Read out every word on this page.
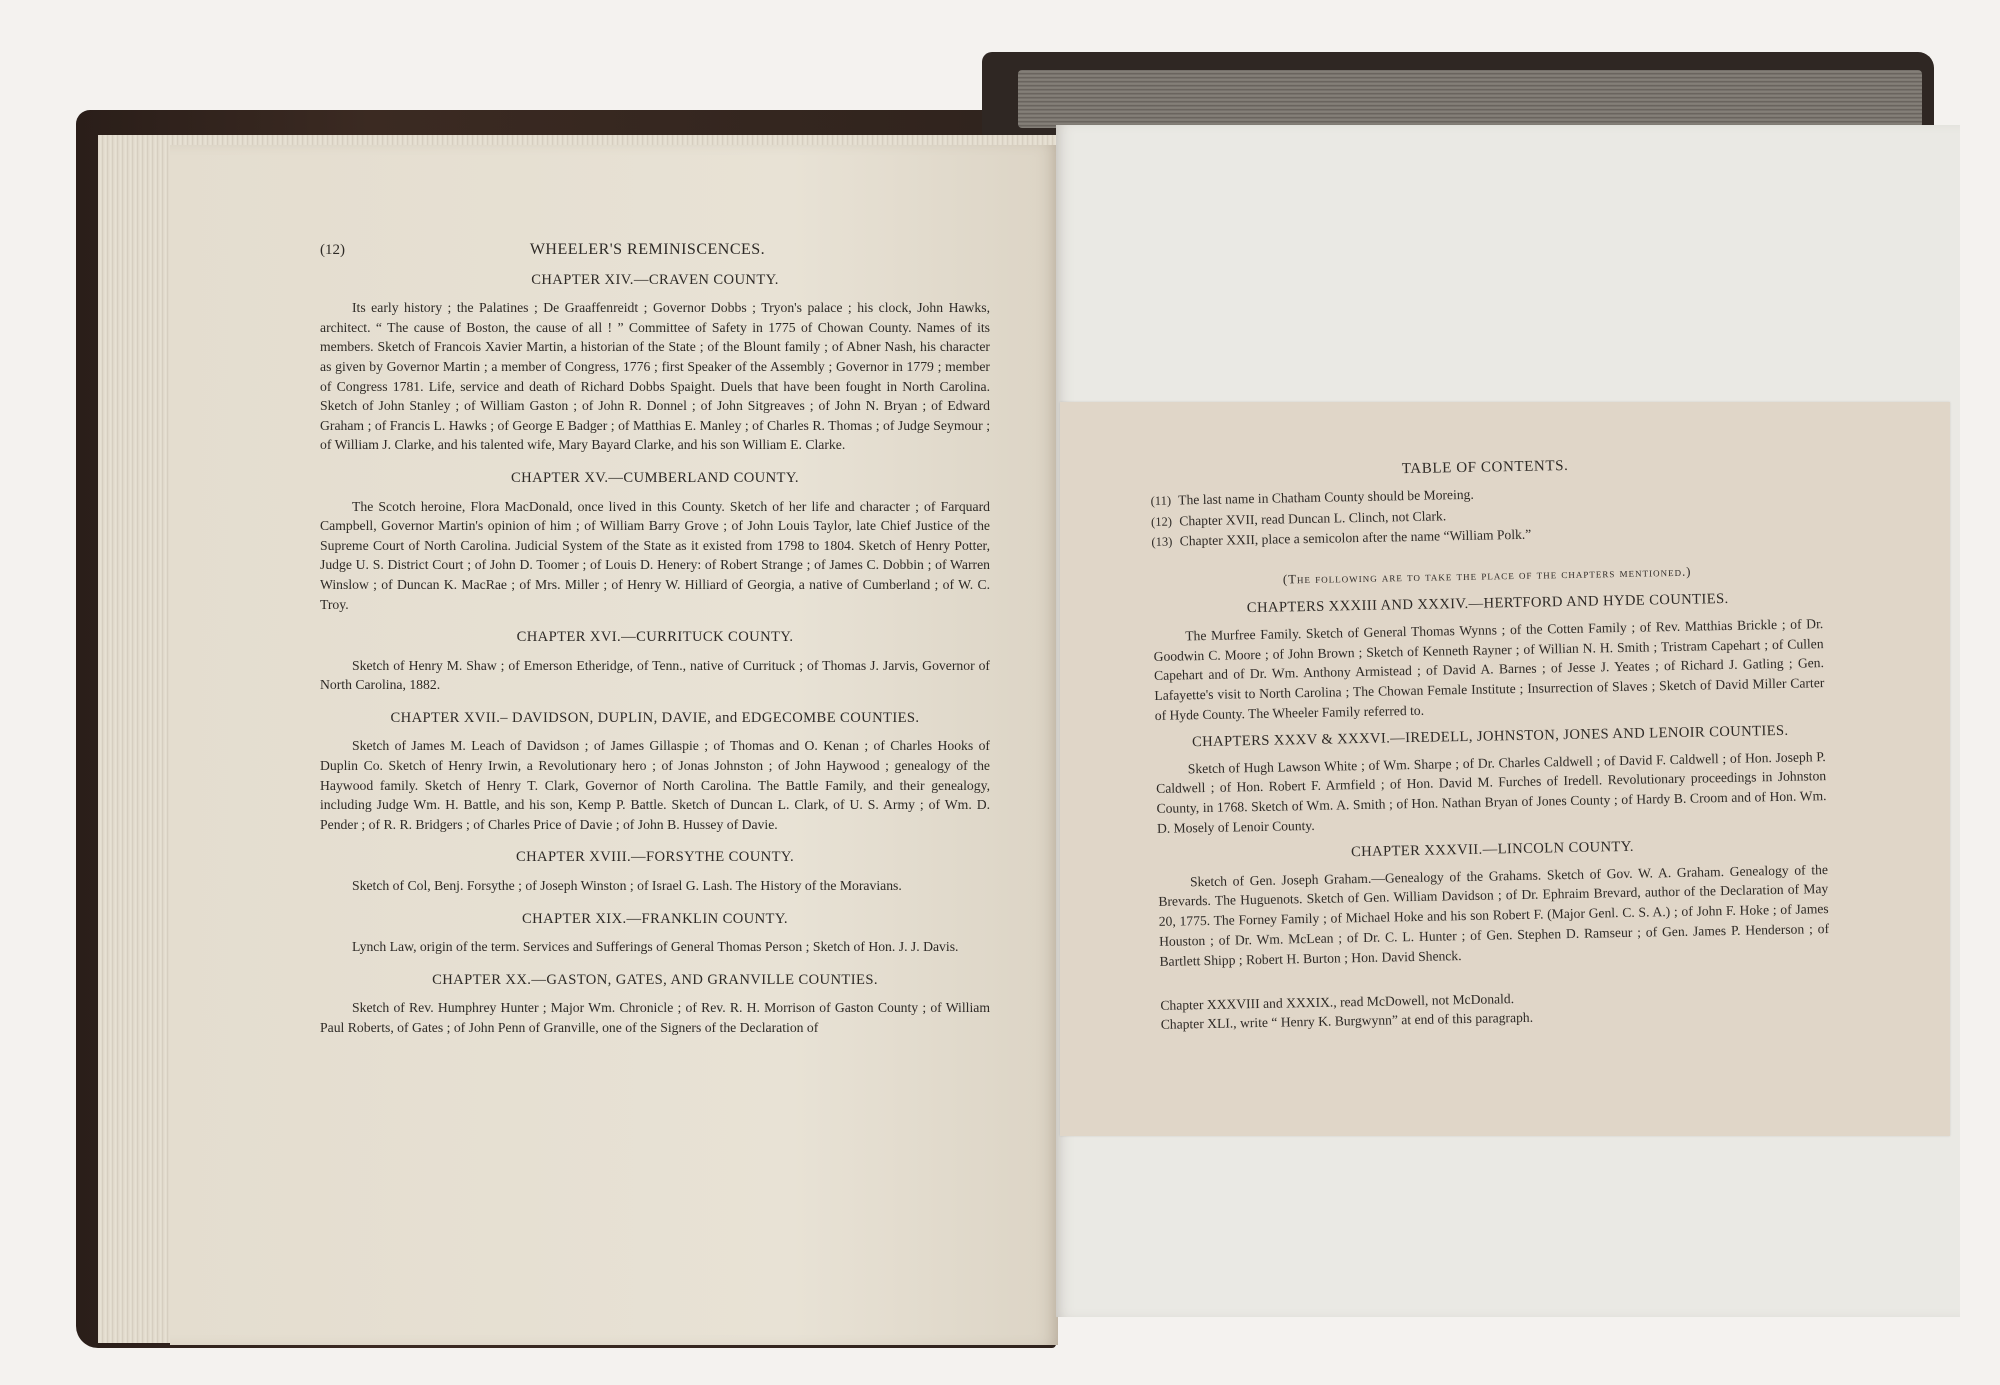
(12)	WHEELER'S REMINISCENCES.
CHAPTER XIV.—CRAVEN COUNTY.

Its early history ; the Palatines ; De Graaffenreidt ; Governor Dobbs ; Tryon's palace ; his clock, John Hawks, architect. “ The cause of Boston, the cause of all ! ” Committee of Safety in 1775 of Chowan County. Names of its members. Sketch of Francois Xavier Martin, a historian of the State ; of the Blount family ; of Abner Nash, his character as given by Governor Martin ; a member of Congress, 1776 ; first Speaker of the Assembly ; Governor in 1779 ; member of Congress 1781. Life, service and death of Richard Dobbs Spaight. Duels that have been fought in North Carolina. Sketch of John Stanley ; of William Gaston ; of John R. Donnel ; of John Sitgreaves ; of John N. Bryan ; of Edward Graham ; of Francis L. Hawks ; of George E Badger ; of Matthias E. Manley ; of Charles R. Thomas ; of Judge Seymour ; of William J. Clarke, and his talented wife, Mary Bayard Clarke, and his son William E. Clarke.

CHAPTER XV.—CUMBERLAND COUNTY.

The Scotch heroine, Flora MacDonald, once lived in this County. Sketch of her life and character ; of Farquard Campbell, Governor Martin's opinion of him ; of William Barry Grove ; of John Louis Taylor, late Chief Justice of the Supreme Court of North Carolina. Judicial System of the State as it existed from 1798 to 1804. Sketch of Henry Potter, Judge U. S. District Court ; of John D. Toomer ; of Louis D. Henery: of Robert Strange ; of James C. Dobbin ; of Warren Winslow ; of Duncan K. MacRae ; of Mrs. Miller ; of Henry W. Hilliard of Georgia, a native of Cumberland ; of W. C. Troy.

CHAPTER XVI.—CURRITUCK COUNTY.

Sketch of Henry M. Shaw ; of Emerson Etheridge, of Tenn., native of Currituck ; of Thomas J. Jarvis, Governor of North Carolina, 1882.

CHAPTER XVII.– DAVIDSON, DUPLIN, DAVIE, and EDGECOMBE COUNTIES.

Sketch of James M. Leach of Davidson ; of James Gillaspie ; of Thomas and O. Kenan ; of Charles Hooks of Duplin Co. Sketch of Henry Irwin, a Revolutionary hero ; of Jonas Johnston ; of John Haywood ; genealogy of the Haywood family. Sketch of Henry T. Clark, Governor of North Carolina. The Battle Family, and their genealogy, including Judge Wm. H. Battle, and his son, Kemp P. Battle. Sketch of Duncan L. Clark, of U. S. Army ; of Wm. D. Pender ; of R. R. Bridgers ; of Charles Price of Davie ; of John B. Hussey of Davie.

CHAPTER XVIII.—FORSYTHE COUNTY.

Sketch of Col, Benj. Forsythe ; of Joseph Winston ; of Israel G. Lash. The History of the Moravians.

CHAPTER XIX.—FRANKLIN COUNTY.

Lynch Law, origin of the term. Services and Sufferings of General Thomas Person ; Sketch of Hon. J. J. Davis.

CHAPTER XX.—GASTON, GATES, AND GRANVILLE COUNTIES.

Sketch of Rev. Humphrey Hunter ; Major Wm. Chronicle ; of Rev. R. H. Morrison of Gaston County ; of William Paul Roberts, of Gates ; of John Penn of Granville, one of the Signers of the Declaration of

TABLE OF CONTENTS.

(11) The last name in Chatham County should be Moreing.

(12) Chapter XVII, read Duncan L. Clinch, not Clark.

(13) Chapter XXII, place a semicolon after the name “William Polk.”

(The following are to take the place of the chapters mentioned.)
CHAPTERS XXXIII AND XXXIV.—HERTFORD AND HYDE COUNTIES.

The Murfree Family. Sketch of General Thomas Wynns ; of the Cotten Family ; of Rev. Matthias Brickle ; of Dr. Goodwin C. Moore ; of John Brown ; Sketch of Kenneth Rayner ; of Willian N. H. Smith ; Tristram Capehart ; of Cullen Capehart and of Dr. Wm. Anthony Armistead ; of David A. Barnes ; of Jesse J. Yeates ; of Richard J. Gatling ; Gen. Lafayette's visit to North Carolina ; The Chowan Female Institute ; Insurrection of Slaves ; Sketch of David Miller Carter of Hyde County. The Wheeler Family referred to.

CHAPTERS XXXV & XXXVI.—IREDELL, JOHNSTON, JONES AND LENOIR COUNTIES.

Sketch of Hugh Lawson White ; of Wm. Sharpe ; of Dr. Charles Caldwell ; of David F. Caldwell ; of Hon. Joseph P. Caldwell ; of Hon. Robert F. Armfield ; of Hon. David M. Furches of Iredell. Revolutionary proceedings in Johnston County, in 1768. Sketch of Wm. A. Smith ; of Hon. Nathan Bryan of Jones County ; of Hardy B. Croom and of Hon. Wm. D. Mosely of Lenoir County.

CHAPTER XXXVII.—LINCOLN COUNTY.

Sketch of Gen. Joseph Graham.—Genealogy of the Grahams. Sketch of Gov. W. A. Graham. Genealogy of the Brevards. The Huguenots. Sketch of Gen. William Davidson ; of Dr. Ephraim Brevard, author of the Declaration of May 20, 1775. The Forney Family ; of Michael Hoke and his son Robert F. (Major Genl. C. S. A.) ; of John F. Hoke ; of James Houston ; of Dr. Wm. McLean ; of Dr. C. L. Hunter ; of Gen. Stephen D. Ramseur ; of Gen. James P. Henderson ; of Bartlett Shipp ; Robert H. Burton ; Hon. David Shenck.

Chapter XXXVIII and XXXIX., read McDowell, not McDonald.

Chapter XLI., write “ Henry K. Burgwynn” at end of this paragraph.
